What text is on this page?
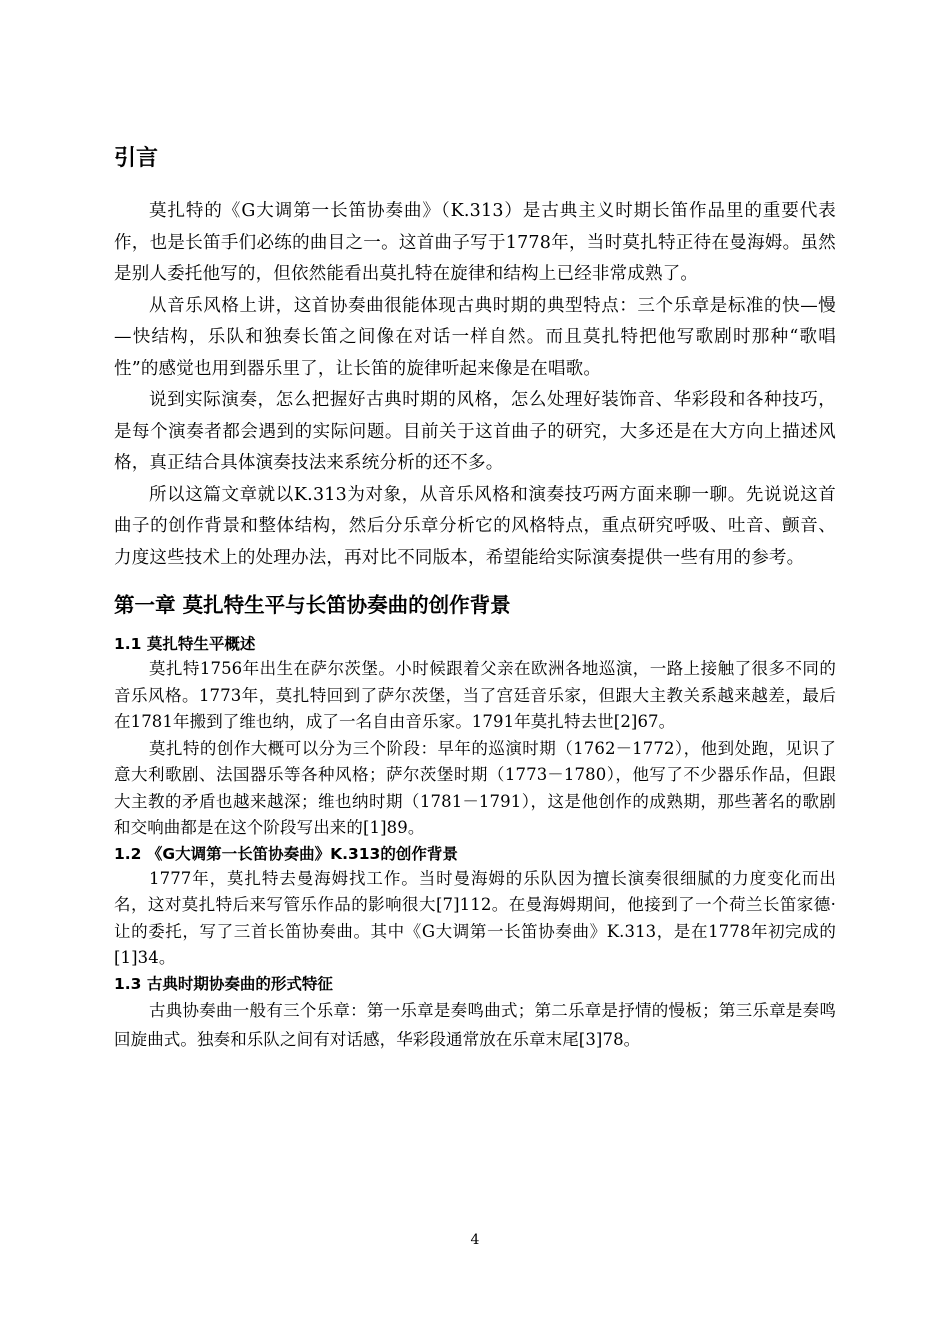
引言

莫扎特的《G大调第一长笛协奏曲》（K.313）是古典主义时期长笛作品里的重要代表作，也是长笛手们必练的曲目之一。这首曲子写于1778年，当时莫扎特正待在曼海姆。虽然是别人委托他写的，但依然能看出莫扎特在旋律和结构上已经非常成熟了。

从音乐风格上讲，这首协奏曲很能体现古典时期的典型特点：三个乐章是标准的快—慢—快结构，乐队和独奏长笛之间像在对话一样自然。而且莫扎特把他写歌剧时那种“歌唱性”的感觉也用到器乐里了，让长笛的旋律听起来像是在唱歌。

说到实际演奏，怎么把握好古典时期的风格，怎么处理好装饰音、华彩段和各种技巧，是每个演奏者都会遇到的实际问题。目前关于这首曲子的研究，大多还是在大方向上描述风格，真正结合具体演奏技法来系统分析的还不多。

所以这篇文章就以K.313为对象，从音乐风格和演奏技巧两方面来聊一聊。先说说这首曲子的创作背景和整体结构，然后分乐章分析它的风格特点，重点研究呼吸、吐音、颤音、力度这些技术上的处理办法，再对比不同版本，希望能给实际演奏提供一些有用的参考。

第一章 莫扎特生平与长笛协奏曲的创作背景
1.1 莫扎特生平概述

莫扎特1756年出生在萨尔茨堡。小时候跟着父亲在欧洲各地巡演，一路上接触了很多不同的音乐风格。1773年，莫扎特回到了萨尔茨堡，当了宫廷音乐家，但跟大主教关系越来越差，最后在1781年搬到了维也纳，成了一名自由音乐家。1791年莫扎特去世[2]67。

莫扎特的创作大概可以分为三个阶段：早年的巡演时期（1762－1772），他到处跑，见识了意大利歌剧、法国器乐等各种风格；萨尔茨堡时期（1773－1780），他写了不少器乐作品，但跟大主教的矛盾也越来越深；维也纳时期（1781－1791），这是他创作的成熟期，那些著名的歌剧和交响曲都是在这个阶段写出来的[1]89。

1.2 《G大调第一长笛协奏曲》K.313的创作背景

1777年，莫扎特去曼海姆找工作。当时曼海姆的乐队因为擅长演奏很细腻的力度变化而出名，这对莫扎特后来写管乐作品的影响很大[7]112。在曼海姆期间，他接到了一个荷兰长笛家德·让的委托，写了三首长笛协奏曲。其中《G大调第一长笛协奏曲》K.313，是在1778年初完成的[1]34。

1.3 古典时期协奏曲的形式特征

古典协奏曲一般有三个乐章：第一乐章是奏鸣曲式；第二乐章是抒情的慢板；第三乐章是奏鸣回旋曲式。独奏和乐队之间有对话感，华彩段通常放在乐章末尾[3]78。

4
